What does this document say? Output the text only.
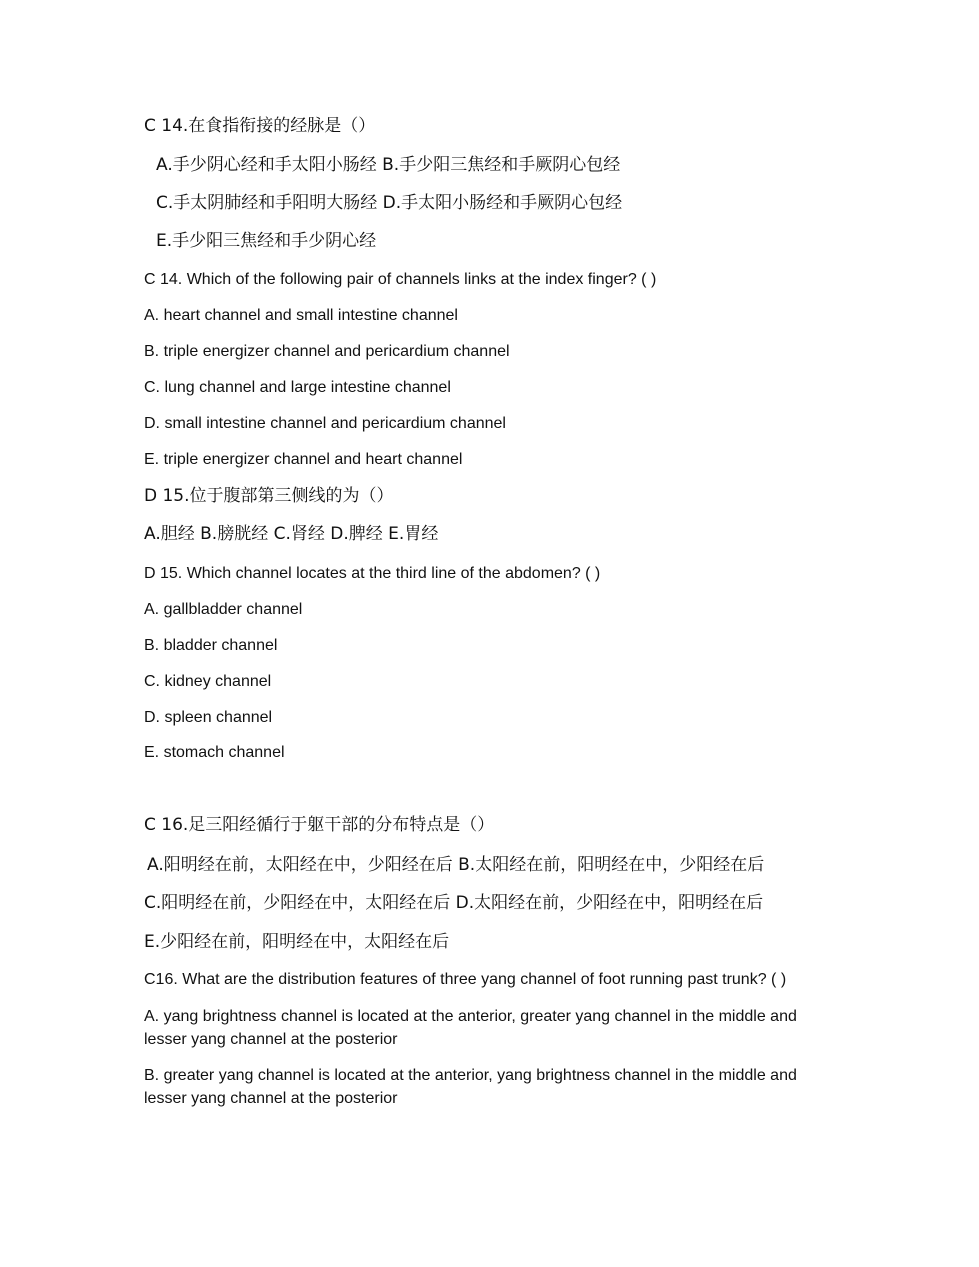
C 14.在食指衔接的经脉是（）
A.手少阴心经和手太阳小肠经 B.手少阳三焦经和手厥阴心包经
C.手太阴肺经和手阳明大肠经 D.手太阳小肠经和手厥阴心包经
E.手少阳三焦经和手少阴心经
C 14. Which of the following pair of channels links at the index finger? ( )
A. heart channel and small intestine channel
B. triple energizer channel and pericardium channel
C. lung channel and large intestine channel
D. small intestine channel and pericardium channel
E. triple energizer channel and heart channel
D 15.位于腹部第三侧线的为（）
A.胆经 B.膀胱经 C.肾经 D.脾经 E.胃经
D 15. Which channel locates at the third line of the abdomen? ( )
A. gallbladder channel
B. bladder channel
C. kidney channel
D. spleen channel
E. stomach channel
C 16.足三阳经循行于躯干部的分布特点是（）
A.阳明经在前，太阳经在中，少阳经在后 B.太阳经在前，阳明经在中，少阳经在后
C.阳明经在前，少阳经在中，太阳经在后 D.太阳经在前，少阳经在中，阳明经在后
E.少阳经在前，阳明经在中，太阳经在后
C16. What are the distribution features of three yang channel of foot running past trunk? ( )
A. yang brightness channel is located at the anterior, greater yang channel in the middle and lesser yang channel at the posterior
B. greater yang channel is located at the anterior, yang brightness channel in the middle and lesser yang channel at the posterior
